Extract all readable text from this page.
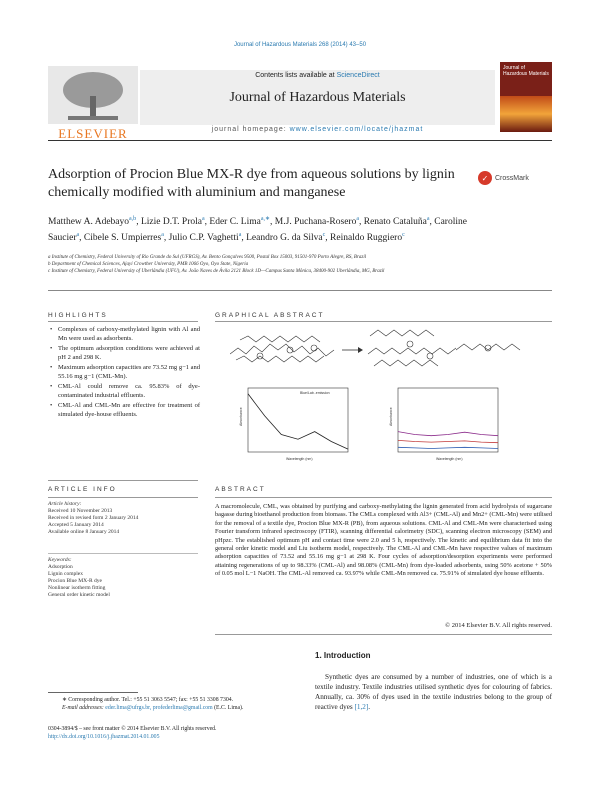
Journal of Hazardous Materials 268 (2014) 43–50
ELSEVIER
Contents lists available at ScienceDirect
Journal of Hazardous Materials
journal homepage: www.elsevier.com/locate/jhazmat
Journal of Hazardous Materials
Adsorption of Procion Blue MX-R dye from aqueous solutions by lignin chemically modified with aluminium and manganese
✓ CrossMark
Matthew A. Adebayo$^{a,b}$, Lizie D.T. Prola$^a$, Eder C. Lima$^{a,∗}$, M.J. Puchana-Rosero$^a$, Renato Cataluña$^a$, Caroline Saucier$^a$, Cibele S. Umpierres$^a$, Julio C.P. Vaghetti$^a$, Leandro G. da Silva$^c$, Reinaldo Ruggiero$^c$
a Institute of Chemistry, Federal University of Rio Grande do Sul (UFRGS), Av. Bento Gonçalves 9500, Postal Box 15003, 91501-970 Porto Alegre, RS, Brazil
b Department of Chemical Sciences, Ajayi Crowther University, PMB 1066 Oyo, Oyo State, Nigeria
c Institute of Chemistry, Federal University of Uberlândia (UFU), Av. João Naves de Ávila 2121 Block 1D—Campus Santa Mônica, 38400-902 Uberlândia, MG, Brazil
HIGHLIGHTS	GRAPHICAL ABSTRACT
• Complexes of carboxy-methylated lignin with Al and Mn were used as adsorbents.
• The optimum adsorption conditions were achieved at pH 2 and 298 K.
• Maximum adsorption capacities are 73.52 mg g−1 and 55.16 mg g−1 (CML-Mn).
• CML-Al could remove ca. 95.83% of dye-contaminated industrial effluents.
• CML-Al and CML-Mn are effective for treatment of simulated dye-house effluents.
Blue/Lab..emission
Wavelength (nm)
Absorbance
Wavelength (nm)
Absorbance
ARTICLE INFO	ABSTRACT
Article history:
Received 10 November 2013
Received in revised form 2 January 2014
Accepted 5 January 2014
Available online 8 January 2014
Keywords:
Adsorption
Lignin complex
Procion Blue MX-R dye
Nonlinear isotherm fitting
General order kinetic model
A macromolecule, CML, was obtained by purifying and carboxy-methylating the lignin generated from acid hydrolysis of sugarcane bagasse during bioethanol production from biomass. The CMLs complexed with Al3+ (CML-Al) and Mn2+ (CML-Mn) were utilised for the removal of a textile dye, Procion Blue MX-R (PB), from aqueous solutions. CML-Al and CML-Mn were characterised using Fourier transform infrared spectroscopy (FTIR), scanning differential calorimetry (SDC), scanning electron microscopy (SEM) and pHpzc. The established optimum pH and contact time were 2.0 and 5 h, respectively. The kinetic and equilibrium data fit into the general order kinetic model and Liu isotherm model, respectively. The CML-Al and CML-Mn have respective values of maximum adsorption capacities of 73.52 and 55.16 mg g−1 at 298 K. Four cycles of adsorption/desorption experiments were performed attaining regenerations of up to 98.33% (CML-Al) and 98.08% (CML-Mn) from dye-loaded adsorbents, using 50% acetone + 50% of 0.05 mol L−1 NaOH. The CML-Al removed ca. 93.97% while CML-Mn removed ca. 75.91% of simulated dye house effluents.
© 2014 Elsevier B.V. All rights reserved.
1. Introduction
Synthetic dyes are consumed by a number of industries, one of which is a textile industry. Textile industries utilised synthetic dyes for colouring of fabrics. Annually, ca. 30% of dyes used in the textile industries belong to the group of reactive dyes [1,2].
∗ Corresponding author. Tel.: +55 51 3063 5547; fax: +55 51 3308 7304.
E-mail addresses: eder.lima@ufrgs.br, profederlima@gmail.com (E.C. Lima).
0304-3894/$ – see front matter © 2014 Elsevier B.V. All rights reserved.
http://dx.doi.org/10.1016/j.jhazmat.2014.01.005
